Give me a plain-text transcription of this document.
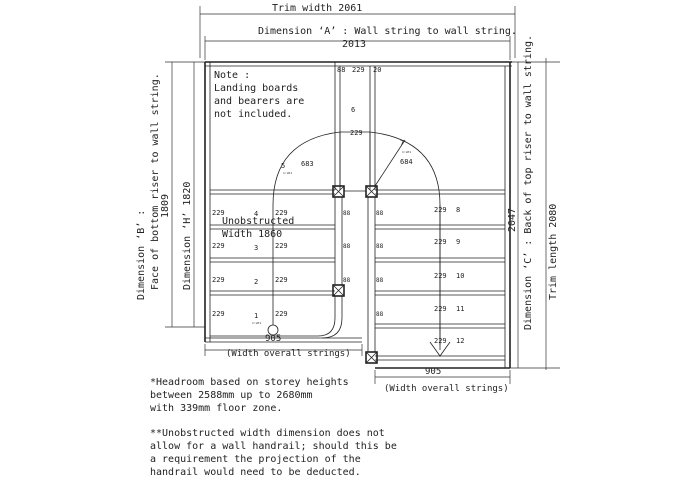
Trim width 2061
Dimension ‘A’ : Wall string to wall string.
2013
Dimension ‘B’ : Face of bottom riser to wall string. 1809 Dimension ‘H’ 1820	Dimension ‘C’ : Back of top riser to wall string.
2047	Trim length 2080
Note :
Landing boards
and bearers are
not included.
88 229 20
6
229
5 683
1:LH1
7
684
1:LH1
229	4 229
229	3 229
229	2 229
229	1 229
1:LH1
229 8
229 9
229 10
229 11
229 12
88
88
88
88
88
88
88
Unobstructed
Width 1860
905
(Width overall strings)
905
(Width overall strings)
*Headroom based on storey heights
between 2588mm up to 2680mm
with 339mm floor zone.
**Unobstructed width dimension does not
allow for a wall handrail; should this be
a requirement the projection of the
handrail would need to be deducted.
